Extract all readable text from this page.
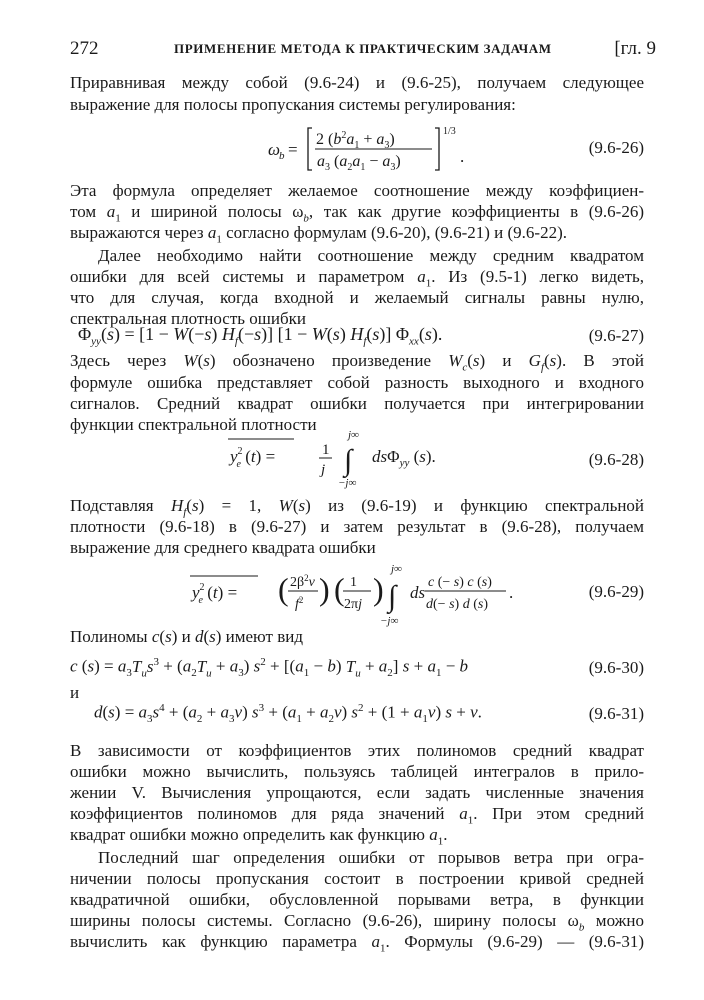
272	ПРИМЕНЕНИЕ МЕТОДА К ПРАКТИЧЕСКИМ ЗАДАЧАМ	[гл. 9
Приравнивая между собой (9.6-24) и (9.6-25), получаем следующее
выражение для полосы пропускания системы регулирования:
ω
b =
2 $(b^2a_1 + a_3)$
$a_3$ $(a_2a_1 - a_3)$
1/3
.	(9.6-26)
Эта формула определяет желаемое соотношение между коэффициен-
том $a_1$ и шириной полосы $\omega_b$, так как другие коэффициенты в (9.6-26)
выражаются через $a_1$ согласно формулам (9.6-20), (9.6-21) и (9.6-22).
Далее необходимо найти соотношение между средним квадратом
ошибки для всей системы и параметром $a_1$. Из (9.5-1) легко видеть,
что для случая, когда входной и желаемый сигналы равны нулю,
спектральная плотность ошибки
$\Phi_{yy}(s) = [1 - W(-s)$ $H_f(-s)$] [1 − W(s) $H_f(s)$] $\Phi_{xx}(s)$.	(9.6-27)
Здесь через W(s) обозначено произведение $W_c(s)$ и $G_f(s)$. В этой
формуле ошибка представляет собой разность выходного и входного
сигналов. Средний квадрат ошибки получается при интегрировании
функции спектральной плотности
$y^2$ e (t) =	1
j
j∞
∫
−j∞
dsΦ$_{yy}$ (s).	(9.6-28)
Подставляя $H_f(s) = 1$, W(s) из (9.6-19) и функцию спектральной
плотности (9.6-18) в (9.6-27) и затем результат в (9.6-28), получаем
выражение для среднего квадрата ошибки
$y^2$ e (t) = ( $2\beta^2\nu$
$f^2$ ) ( 1
2πj )
j∞
∫
−j∞
ds
c (− s) c (s)
d(− s) d (s)
.	(9.6-29)
Полиномы c(s) и d(s) имеют вид
c $(s) = a_3T_us^3 + (a_2T_u + a_3) s^2 + [(a_1 - b) T_u + a_2] s + a_1 - b$	(9.6-30)
и
$d(s) = a_3s^4 + (a_2 + a_3\nu) s^3 + (a_1 + a_2\nu) s^2 + (1 + a_1\nu) s + \nu$.	(9.6-31)
В зависимости от коэффициентов этих полиномов средний квадрат
ошибки можно вычислить, пользуясь таблицей интегралов в прило-
жении V. Вычисления упрощаются, если задать численные значения
коэффициентов полиномов для ряда значений $a_1$. При этом средний
квадрат ошибки можно определить как функцию $a_1$.
Последний шаг определения ошибки от порывов ветра при огра-
ничении полосы пропускания состоит в построении кривой средней
квадратичной ошибки, обусловленной порывами ветра, в функции
ширины полосы системы. Согласно (9.6-26), ширину полосы $\omega_b$ можно
вычислить как функцию параметра $a_1$. Формулы (9.6-29) — (9.6-31)
